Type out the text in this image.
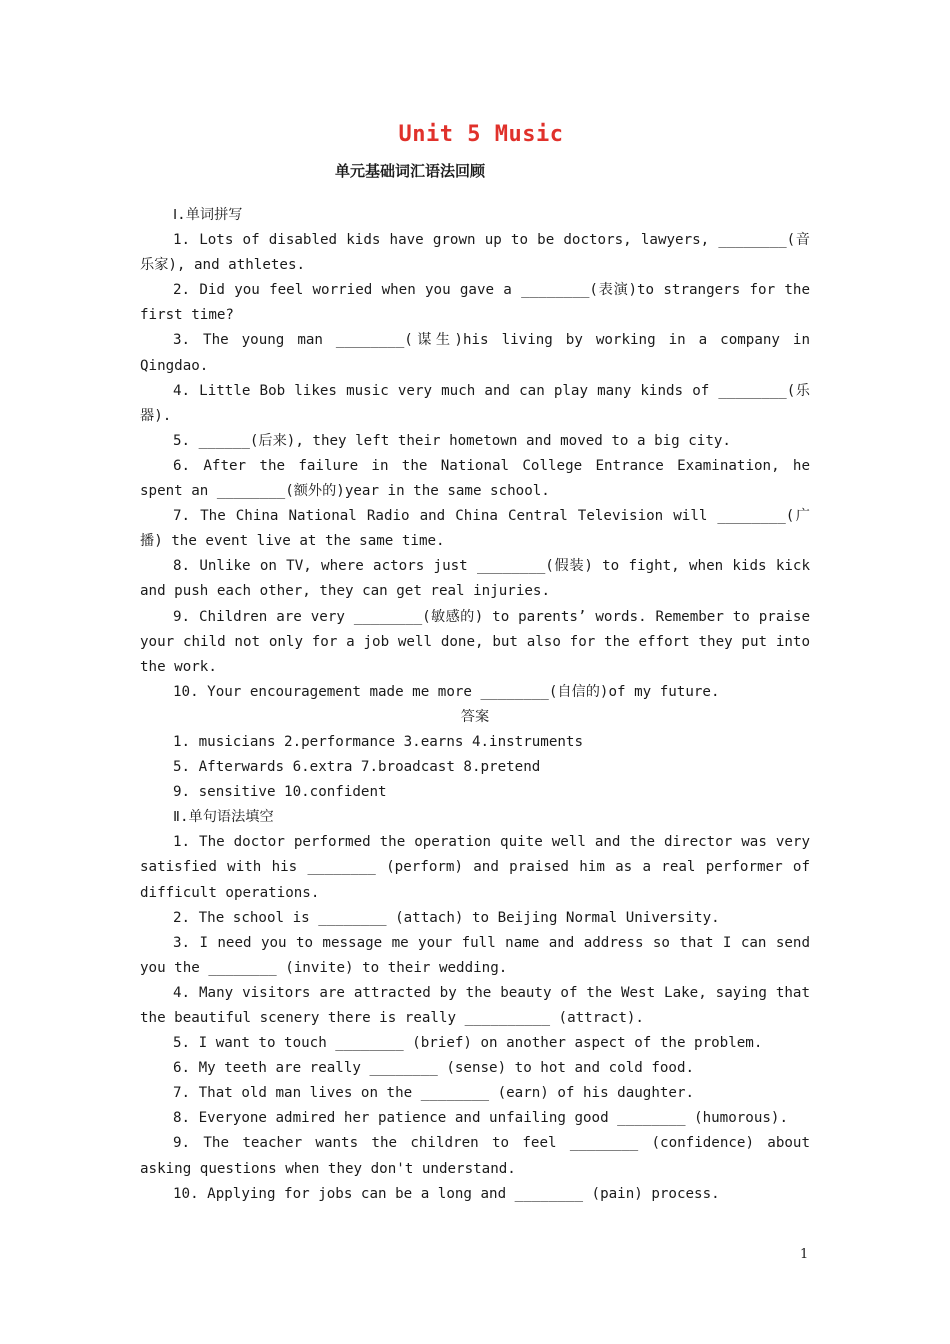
Unit 5 Music
单元基础词汇语法回顾

Ⅰ.单词拼写

1. Lots of disabled kids have grown up to be doctors, lawyers, ________(音乐家), and athletes.

2. Did you feel worried when you gave a ________(表演)to strangers for the first time?

3. The young man ________(谋生)his living by working in a company in Qingdao.

4. Little Bob likes music very much and can play many kinds of ________(乐器).

5. ______(后来), they left their hometown and moved to a big city.

6. After the failure in the National College Entrance Examination, he spent an ________(额外的)year in the same school.

7. The China National Radio and China Central Television will ________(广播) the event live at the same time.

8. Unlike on TV, where actors just ________(假装) to fight, when kids kick and push each other, they can get real injuries.

9. Children are very ________(敏感的) to parents’ words. Remember to praise your child not only for a job well done, but also for the effort they put into the work.

10. Your encouragement made me more ________(自信的)of my future.

答案

1. musicians 2.performance 3.earns 4.instruments

5. Afterwards 6.extra 7.broadcast 8.pretend

9. sensitive 10.confident

Ⅱ.单句语法填空

1. The doctor performed the operation quite well and the director was very satisfied with his ________ (perform) and praised him as a real performer of difficult operations.

2. The school is ________ (attach) to Beijing Normal University.

3. I need you to message me your full name and address so that I can send you the ________ (invite) to their wedding.

4. Many visitors are attracted by the beauty of the West Lake, saying that the beautiful scenery there is really __________ (attract).

5. I want to touch ________ (brief) on another aspect of the problem.

6. My teeth are really ________ (sense) to hot and cold food.

7. That old man lives on the ________ (earn) of his daughter.

8. Everyone admired her patience and unfailing good ________ (humorous).

9. The teacher wants the children to feel ________ (confidence) about asking questions when they don't understand.

10. Applying for jobs can be a long and ________ (pain) process.

1
